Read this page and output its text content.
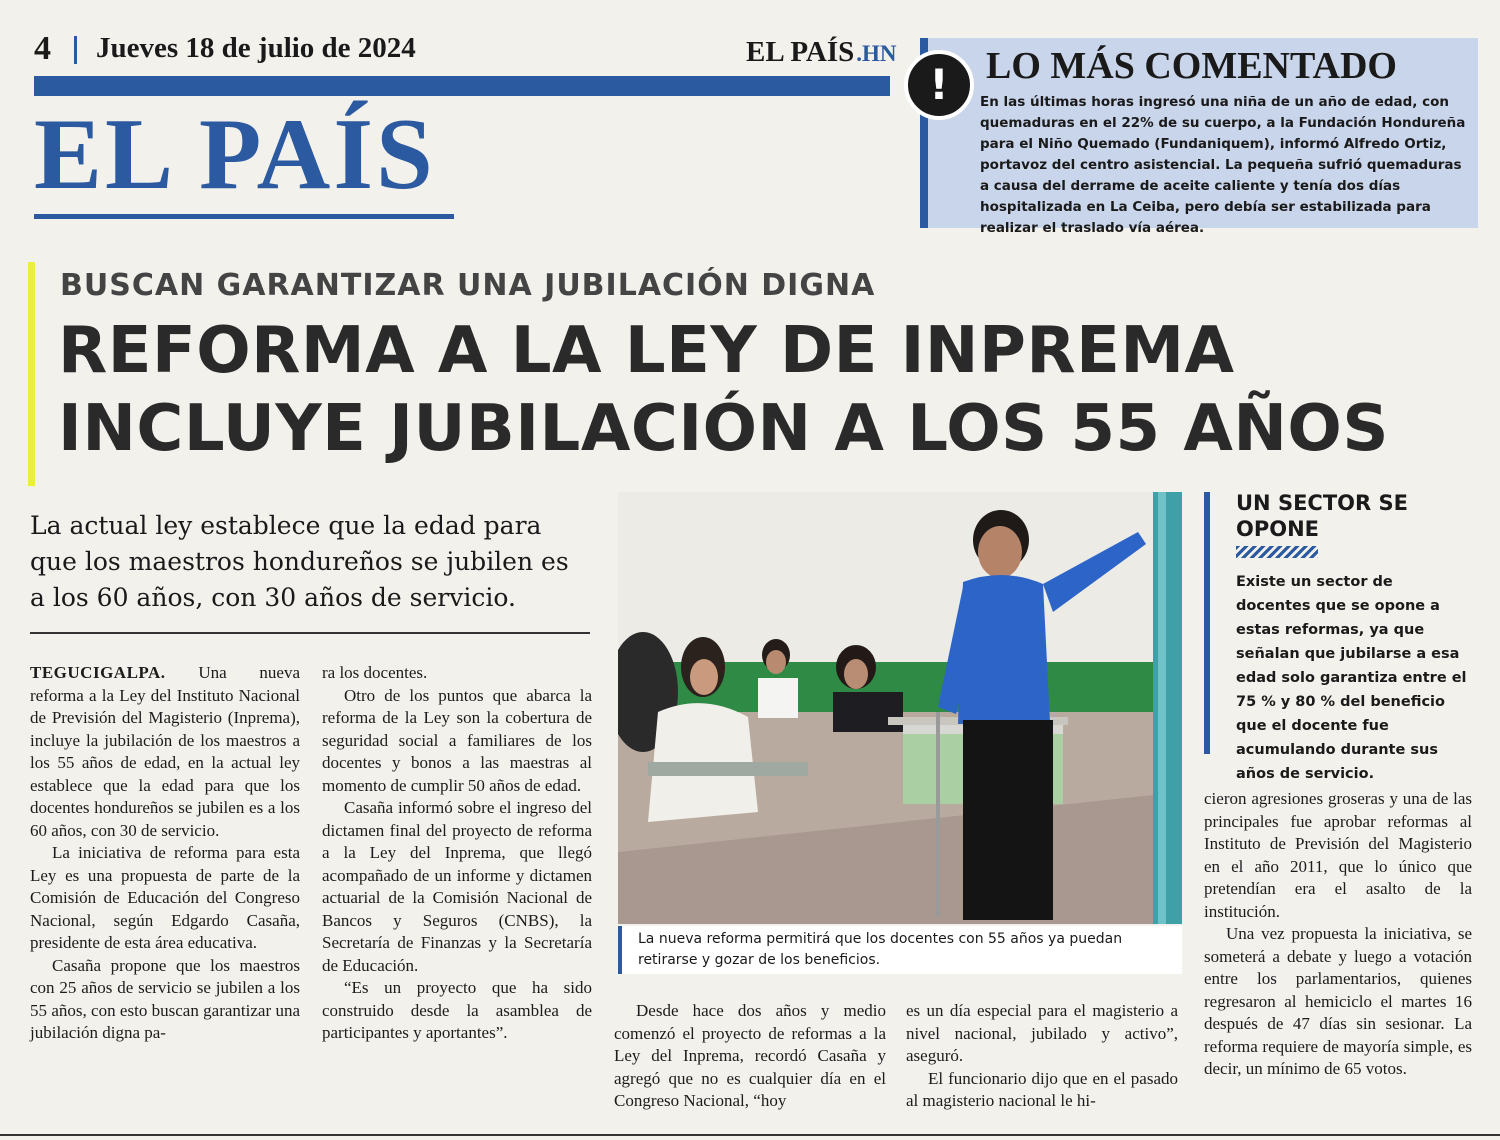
4 Jueves 18 de julio de 2024	EL PAÍS.HN
EL PAÍS
! LO MÁS COMENTADO
En las últimas horas ingresó una niña de un año de edad, con quemaduras en el 22% de su cuerpo, a la Fundación Hondureña para el Niño Quemado (Fundaniquem), informó Alfredo Ortiz, portavoz del centro asistencial. La pequeña sufrió quemaduras a causa del derrame de aceite caliente y tenía dos días hospitalizada en La Ceiba, pero debía ser estabilizada para realizar el traslado vía aérea.
BUSCAN GARANTIZAR UNA JUBILACIÓN DIGNA
REFORMA A LA LEY DE INPREMA
INCLUYE JUBILACIÓN A LOS 55 AÑOS
La actual ley establece que la edad para que los maestros hondureños se jubilen es a los 60 años, con 30 años de servicio.

TEGUCIGALPA. Una nueva reforma a la Ley del Instituto Nacional de Previsión del Magisterio (Inprema), incluye la jubilación de los maestros a los 55 años de edad, en la actual ley establece que la edad para que los docentes hondureños se jubilen es a los 60 años, con 30 de servicio.

La iniciativa de reforma para esta Ley es una propuesta de parte de la Comisión de Educación del Congreso Nacional, según Edgardo Casaña, presidente de esta área educativa.

Casaña propone que los maestros con 25 años de servicio se jubilen a los 55 años, con esto buscan garantizar una jubilación digna pa-

ra los docentes.

Otro de los puntos que abarca la reforma de la Ley son la cobertura de seguridad social a familiares de los docentes y bonos a las maestras al momento de cumplir 50 años de edad.

Casaña informó sobre el ingreso del dictamen final del proyecto de reforma a la Ley del Inprema, que llegó acompañado de un informe y dictamen actuarial de la Comisión Nacional de Bancos y Seguros (CNBS), la Secretaría de Finanzas y la Secretaría de Educación.

“Es un proyecto que ha sido construido desde la asamblea de participantes y aportantes”.

La nueva reforma permitirá que los docentes con 55 años ya puedan retirarse y gozar de los beneficios.

Desde hace dos años y medio comenzó el proyecto de reformas a la Ley del Inprema, recordó Casaña y agregó que no es cualquier día en el Congreso Nacional, “hoy

es un día especial para el magisterio a nivel nacional, jubilado y activo”, aseguró.

El funcionario dijo que en el pasado al magisterio nacional le hi-

UN SECTOR SE OPONE
Existe un sector de docentes que se opone a estas reformas, ya que señalan que jubilarse a esa edad solo garantiza entre el 75 % y 80 % del beneficio que el docente fue acumulando durante sus años de servicio.

cieron agresiones groseras y una de las principales fue aprobar reformas al Instituto de Previsión del Magisterio en el año 2011, que lo único que pretendían era el asalto de la institución.

Una vez propuesta la iniciativa, se someterá a debate y luego a votación entre los parlamentarios, quienes regresaron al hemiciclo el martes 16 después de 47 días sin sesionar. La reforma requiere de mayoría simple, es decir, un mínimo de 65 votos.
